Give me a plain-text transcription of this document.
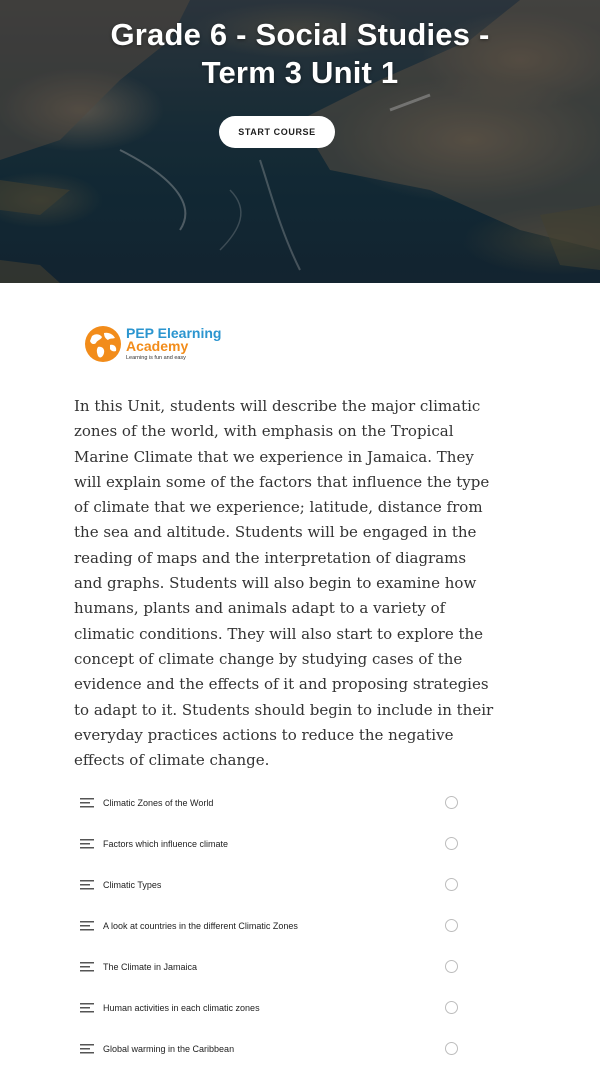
Grade 6 - Social Studies -
Term 3 Unit 1
START COURSE
PEP Elearning
Academy
Learning is fun and easy

In this Unit, students will describe the major climatic zones of the world, with emphasis on the Tropical Marine Climate that we experience in Jamaica. They will explain some of the factors that influence the type of climate that we experience; latitude, distance from the sea and altitude. Students will be engaged in the reading of maps and the interpretation of diagrams and graphs. Students will also begin to examine how humans, plants and animals adapt to a variety of climatic conditions. They will also start to explore the concept of climate change by studying cases of the evidence and the effects of it and proposing strategies to adapt to it. Students should begin to include in their everyday practices actions to reduce the negative effects of climate change.

Climatic Zones of the World
Factors which influence climate
Climatic Types
A look at countries in the different Climatic Zones
The Climate in Jamaica
Human activities in each climatic zones
Global warming in the Caribbean
